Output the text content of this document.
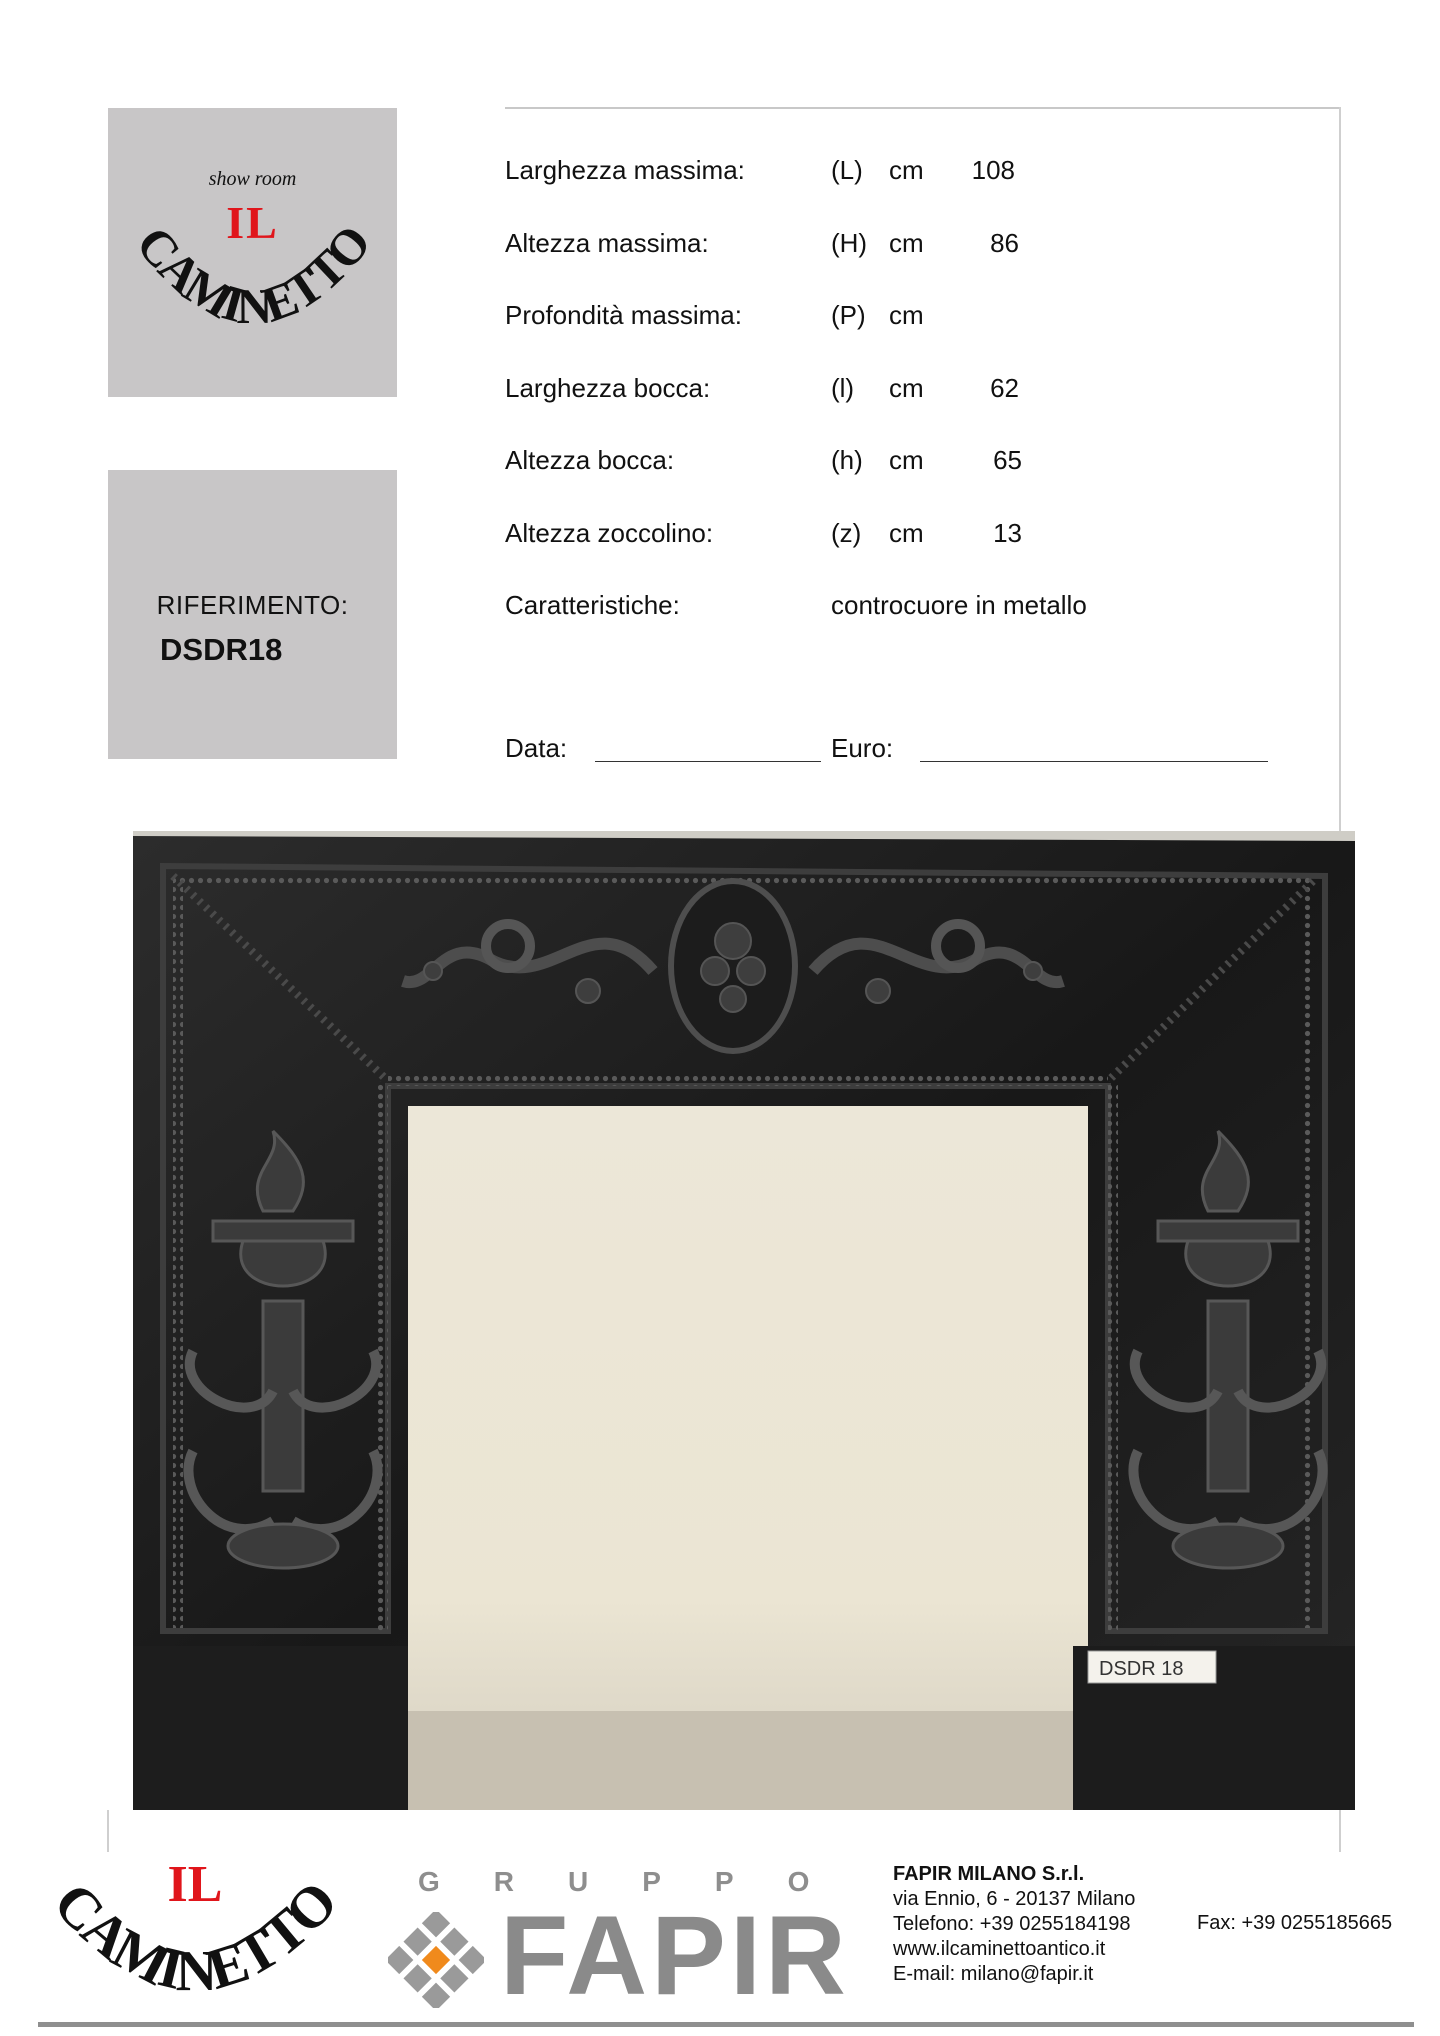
show room
IL
CAMINETTO
RIFERIMENTO:
DSDR18
Larghezza massima:	(L) cm	108
Altezza massima:	(H) cm	86
Profondità massima:	(P) cm
Larghezza bocca:	(l) cm	62
Altezza bocca:	(h) cm	65
Altezza zoccolino:	(z) cm	13
Caratteristiche:	controcuore in metallo
Data:	Euro:
DSDR 18
IL
CAMINETTO GRUPPO
FAPIR
FAPIR MILANO S.r.l.
via Ennio, 6 - 20137 Milano
Telefono: +39 0255184198
www.ilcaminettoantico.it
E-mail: milano@fapir.it
Fax: +39 0255185665
